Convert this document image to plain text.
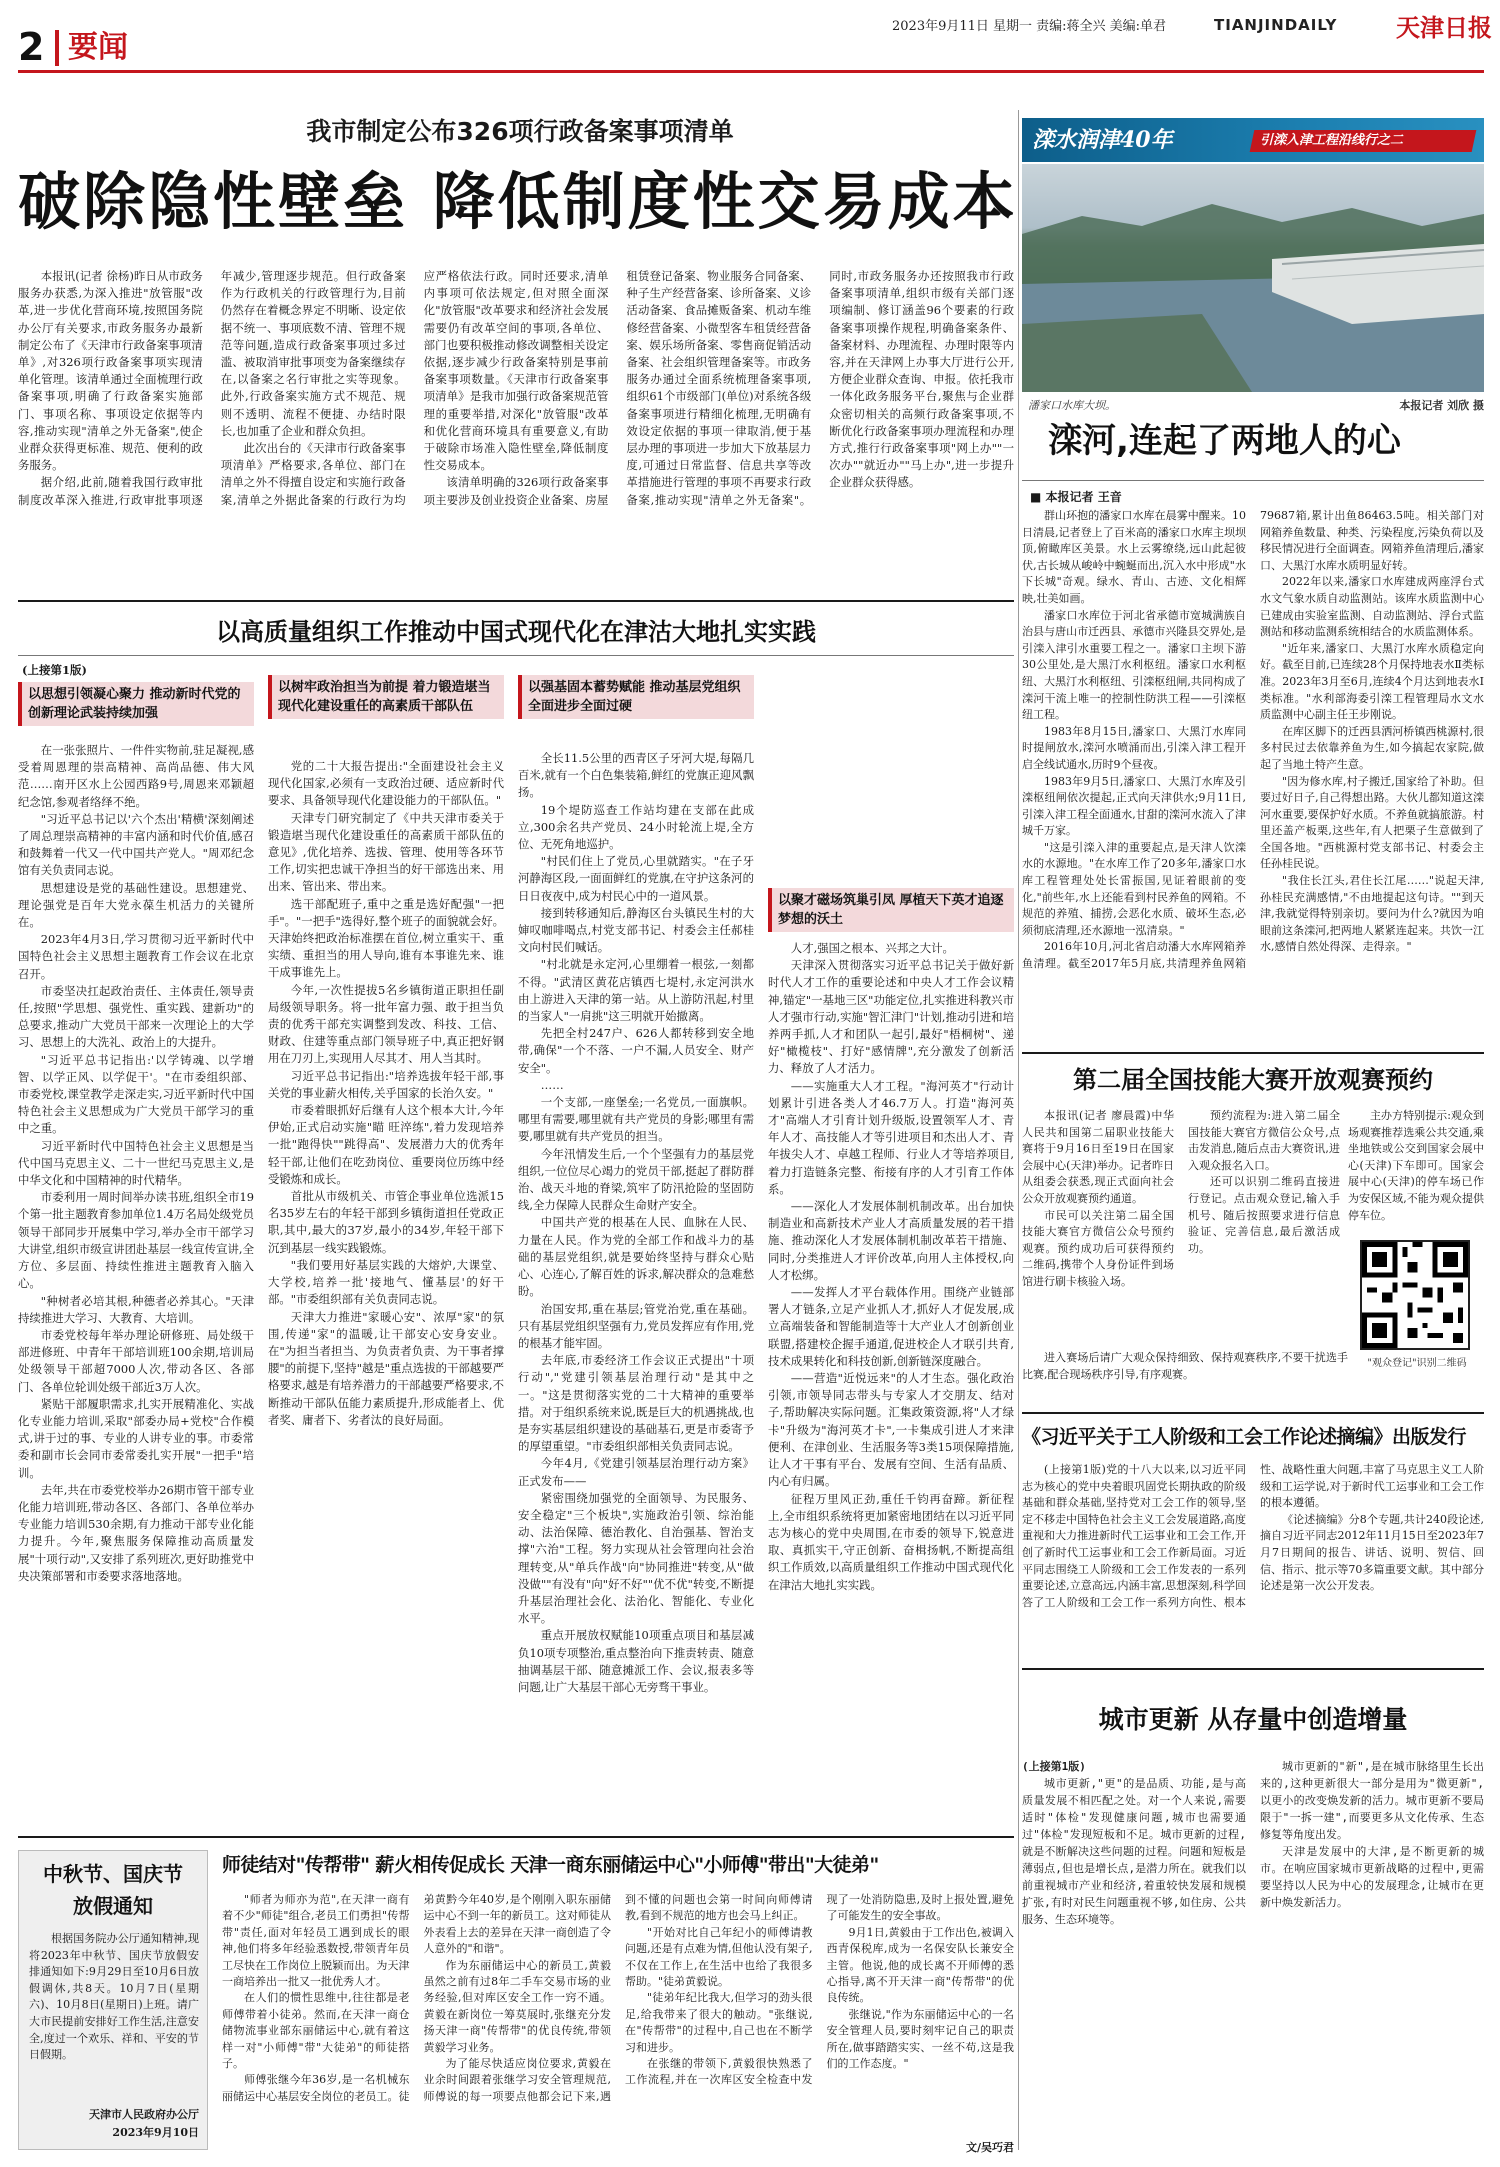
2 要闻
2023年9月11日 星期一 责编:蒋全兴 美编:单君	TIANJINDAILY 天津日报
我市制定公布326项行政备案事项清单
破除隐性壁垒 降低制度性交易成本

本报讯(记者 徐杨)昨日从市政务服务办获悉,为深入推进"放管服"改革,进一步优化营商环境,按照国务院办公厅有关要求,市政务服务办最新制定公布了《天津市行政备案事项清单》,对326项行政备案事项实现清单化管理。该清单通过全面梳理行政备案事项,明确了行政备案实施部门、事项名称、事项设定依据等内容,推动实现"清单之外无备案",使企业群众获得更标准、规范、便利的政务服务。

据介绍,此前,随着我国行政审批制度改革深入推进,行政审批事项逐年减少,管理逐步规范。但行政备案作为行政机关的行政管理行为,目前仍然存在着概念界定不明晰、设定依据不统一、事项底数不清、管理不规范等问题,造成行政备案事项过多过滥、被取消审批事项变为备案继续存在,以备案之名行审批之实等现象。此外,行政备案实施方式不规范、规则不透明、流程不便捷、办结时限长,也加重了企业和群众负担。

此次出台的《天津市行政备案事项清单》严格要求,各单位、部门在清单之外不得擅自设定和实施行政备案,清单之外据此备案的行政行为均应严格依法行政。同时还要求,清单内事项可依法规定,但对照全面深化"放管服"改革要求和经济社会发展需要仍有改革空间的事项,各单位、部门也要积极推动修改调整相关设定依据,逐步减少行政备案特别是事前备案事项数量。《天津市行政备案事项清单》是我市加强行政备案规范管理的重要举措,对深化"放管服"改革和优化营商环境具有重要意义,有助于破除市场准入隐性壁垒,降低制度性交易成本。

该清单明确的326项行政备案事项主要涉及创业投资企业备案、房屋租赁登记备案、物业服务合同备案、种子生产经营备案、诊所备案、义诊活动备案、食品摊贩备案、机动车维修经营备案、小微型客车租赁经营备案、娱乐场所备案、零售商促销活动备案、社会组织管理备案等。市政务服务办通过全面系统梳理备案事项,组织61个市级部门(单位)对系统各级备案事项进行精细化梳理,无明确有效设定依据的事项一律取消,便于基层办理的事项进一步加大下放基层力度,可通过日常监督、信息共享等改革措施进行管理的事项不再要求行政备案,推动实现"清单之外无备案"。同时,市政务服务办还按照我市行政备案事项清单,组织市级有关部门逐项编制、修订涵盖96个要素的行政备案事项操作规程,明确备案条件、备案材料、办理流程、办理时限等内容,并在天津网上办事大厅进行公开,方便企业群众查询、申报。依托我市一体化政务服务平台,聚焦与企业群众密切相关的高频行政备案事项,不断优化行政备案事项办理流程和办理方式,推行行政备案事项"网上办""一次办""就近办""马上办",进一步提升企业群众获得感。

滦水润津40年	引滦入津工程沿线行之二
潘家口水库大坝。	本报记者 刘欣 摄
滦河,连起了两地人的心
■ 本报记者 王音

群山环抱的潘家口水库在晨雾中醒来。10日清晨,记者登上了百米高的潘家口水库主坝坝顶,俯瞰库区美景。水上云雾缭绕,远山此起彼伏,古长城从峻岭中蜿蜒而出,沉入水中形成"水下长城"奇观。绿水、青山、古迹、文化相辉映,壮美如画。

潘家口水库位于河北省承德市宽城满族自治县与唐山市迁西县、承德市兴隆县交界处,是引滦入津引水重要工程之一。潘家口主坝下游30公里处,是大黑汀水利枢纽。潘家口水利枢纽、大黑汀水利枢纽、引滦枢纽闸,共同构成了滦河干流上唯一的控制性防洪工程——引滦枢纽工程。

1983年8月15日,潘家口、大黑汀水库同时提闸放水,滦河水喷涌而出,引滦入津工程开启全线试通水,历时9个昼夜。

1983年9月5日,潘家口、大黑汀水库及引滦枢纽闸依次提起,正式向天津供水;9月11日,引滦入津工程全面通水,甘甜的滦河水流入了津城千万家。

"这是引滦入津的重要起点,是天津人饮滦水的水源地。"在水库工作了20多年,潘家口水库工程管理处处长雷振国,见证着眼前的变化,"前些年,水上还能看到村民养鱼的网箱。不规范的养殖、捕捞,会恶化水质、破坏生态,必须彻底清理,还水源地一泓清泉。"

2016年10月,河北省启动潘大水库网箱养鱼清理。截至2017年5月底,共清理养鱼网箱79687箱,累计出鱼86463.5吨。相关部门对网箱养鱼数量、种类、污染程度,污染负荷以及移民情况进行全面调查。网箱养鱼清理后,潘家口、大黑汀水库水质明显好转。

2022年以来,潘家口水库建成两座浮台式水文气象水质自动监测站。该库水质监测中心已建成由实验室监测、自动监测站、浮台式监测站和移动监测系统相结合的水质监测体系。

"近年来,潘家口、大黑汀水库水质稳定向好。截至目前,已连续28个月保持地表水Ⅱ类标准。2023年3月至6月,连续4个月达到地表水Ⅰ类标准。"水利部海委引滦工程管理局水文水质监测中心副主任王步刚说。

在库区脚下的迁西县洒河桥镇西桃源村,很多村民过去依靠养鱼为生,如今搞起农家院,做起了当地土特产生意。

"因为修水库,村子搬迁,国家给了补助。但要过好日子,自己得想出路。大伙儿都知道这滦河水重要,要保护好水质。不养鱼就搞旅游。村里还盖产板栗,这些年,有人把栗子生意做到了全国各地。"西桃源村党支部书记、村委会主任孙桂民说。

"我住长江头,君住长江尾……"说起天津,孙桂民充满感情,"不由地提起这句诗。""到天津,我就觉得特别亲切。要问为什么?就因为咱眼前这条滦河,把两地人紧紧连起来。共饮一江水,感情自然处得深、走得亲。"

第二届全国技能大赛开放观赛预约

本报讯(记者 廖晨霞)中华人民共和国第二届职业技能大赛将于9月16日至19日在国家会展中心(天津)举办。记者昨日从组委会获悉,现正式面向社会公众开放观赛预约通道。

市民可以关注第二届全国技能大赛官方微信公众号预约观赛。预约成功后可获得预约二维码,携带个人身份证件到场馆进行刷卡核验入场。

预约流程为:进入第二届全国技能大赛官方微信公众号,点击发消息,随后点击大赛资讯,进入观众报名入口。

还可以识别二维码直接进行登记。点击观众登记,输入手机号、随后按照要求进行信息验证、完善信息,最后激活成功。

主办方特别提示:观众到场观赛推荐选乘公共交通,乘坐地铁或公交到国家会展中心(天津)下车即可。国家会展中心(天津)的停车场已作为安保区域,不能为观众提供停车位。

进入赛场后请广大观众保持细致、保持观赛秩序,不要干扰选手比赛,配合现场秩序引导,有序观赛。

"观众登记"识别二维码
《习近平关于工人阶级和工会工作论述摘编》出版发行

(上接第1版)党的十八大以来,以习近平同志为核心的党中央着眼巩固党长期执政的阶级基础和群众基础,坚持党对工会工作的领导,坚定不移走中国特色社会主义工会发展道路,高度重视和大力推进新时代工运事业和工会工作,开创了新时代工运事业和工会工作新局面。习近平同志围绕工人阶级和工会工作发表的一系列重要论述,立意高远,内涵丰富,思想深刻,科学回答了工人阶级和工会工作一系列方向性、根本性、战略性重大问题,丰富了马克思主义工人阶级和工运学说,对于新时代工运事业和工会工作的根本遵循。

《论述摘编》分8个专题,共计240段论述,摘自习近平同志2012年11月15日至2023年7月7日期间的报告、讲话、说明、贺信、回信、指示、批示等70多篇重要文献。其中部分论述是第一次公开发表。

城市更新 从存量中创造增量

(上接第1版)

城市更新,"更"的是品质、功能,是与高质量发展不相匹配之处。对一个人来说,需要适时"体检"发现健康问题,城市也需要通过"体检"发现短板和不足。城市更新的过程,就是不断解决这些问题的过程。问题和短板是薄弱点,但也是增长点,是潜力所在。就我们以前重视城市产业和经济,着重较快发展和规模扩张,有时对民生问题重视不够,如住房、公共服务、生态环境等。

城市更新的"新",是在城市脉络里生长出来的,这种更新很大一部分是用为"微更新",以更小的改变焕发新的活力。城市更新不要局限于"一拆一建",而要更多从文化传承、生态修复等角度出发。

天津是发展中的大津,是不断更新的城市。在响应国家城市更新战略的过程中,更需要坚持以人民为中心的发展理念,让城市在更新中焕发新活力。

以高质量组织工作推动中国式现代化在津沽大地扎实实践
(上接第1版)
以思想引领凝心聚力 推动新时代党的创新理论武装持续加强

在一张张照片、一件件实物前,驻足凝视,感受着周恩理的崇高精神、高尚品德、伟大风范……南开区水上公园西路9号,周恩来邓颖超纪念馆,参观者络绎不绝。

"习近平总书记以'六个杰出'精横'深刻阐述了周总理崇高精神的丰富内涵和时代价值,感召和鼓舞着一代又一代中国共产党人。"周邓纪念馆有关负责同志说。

思想建设是党的基础性建设。思想建党、理论强党是百年大党永葆生机活力的关键所在。

2023年4月3日,学习贯彻习近平新时代中国特色社会主义思想主题教育工作会议在北京召开。

市委坚决扛起政治责任、主体责任,领导责任,按照"学思想、强党性、重实践、建新功"的总要求,推动广大党员干部来一次理论上的大学习、思想上的大洗礼、政治上的大提升。

"习近平总书记指出:'以学铸魂、以学增智、以学正风、以学促干'。"在市委组织部、市委党校,课堂教学走深走实,习近平新时代中国特色社会主义思想成为广大党员干部学习的重中之重。

习近平新时代中国特色社会主义思想是当代中国马克思主义、二十一世纪马克思主义,是中华文化和中国精神的时代精华。

市委利用一周时间举办读书班,组织全市19个第一批主题教育参加单位1.4万名局处级党员领导干部同步开展集中学习,举办全市干部学习大讲堂,组织市级宣讲团赴基层一线宣传宣讲,全方位、多层面、持续性推进主题教育入脑入心。

"种树者必培其根,种德者必养其心。"天津持续推进大学习、大教育、大培训。

市委党校每年举办理论研修班、局处级干部进修班、中青年干部培训班100余期,培训局处级领导干部超7000人次,带动各区、各部门、各单位轮训处级干部近3万人次。

紧贴干部履职需求,扎实开展精准化、实战化专业能力培训,采取"部委办局+党校"合作模式,讲于过的事、专业的人讲专业的事。市委常委和副市长会同市委常委扎实开展"一把手"培训。

去年,共在市委党校举办26期市管干部专业化能力培训班,带动各区、各部门、各单位举办专业能力培训530余期,有力推动干部专业化能力提升。今年,聚焦服务保障推动高质量发展"十项行动",又安排了系列班次,更好助推党中央决策部署和市委要求落地落地。

以树牢政治担当为前提 着力锻造堪当现代化建设重任的高素质干部队伍

党的二十大报告提出:"全面建设社会主义现代化国家,必须有一支政治过硬、适应新时代要求、具备领导现代化建设能力的干部队伍。"

天津专门研究制定了《中共天津市委关于锻造堪当现代化建设重任的高素质干部队伍的意见》,优化培养、选拔、管理、使用等各环节工作,切实把忠诚干净担当的好干部选出来、用出来、管出来、带出来。

选干部配班子,重中之重是选好配强"一把手"。"一把手"选得好,整个班子的面貌就会好。天津始终把政治标准摆在首位,树立重实干、重实绩、重担当的用人导向,谁有本事谁先来、谁干成事谁先上。

今年,一次性提拔5名乡镇街道正职担任副局级领导职务。将一批年富力强、敢于担当负责的优秀干部充实调整到发改、科技、工信、财政、住建等重点部门领导班子中,真正把好钢用在刀刃上,实现用人尽其才、用人当其时。

习近平总书记指出:"培养选拔年轻干部,事关党的事业薪火相传,关乎国家的长治久安。"

市委着眼抓好后继有人这个根本大计,今年伊始,正式启动实施"瞄 旺淬练",着力发现培养一批"跑得快""跳得高"、发展潜力大的优秀年轻干部,让他们在吃劲岗位、重要岗位历练中经受锻炼和成长。

首批从市级机关、市管企事业单位选派15名35岁左右的年轻干部到乡镇街道担任党政正职,其中,最大的37岁,最小的34岁,年轻干部下沉到基层一线实践锻炼。

"我们要用好基层实践的大熔炉,大课堂、大学校,培养一批'接地气、懂基层'的好干部。"市委组织部有关负责同志说。

天津大力推进"家暖心安"、浓厚"家"的氛围,传递"家"的温暖,让干部安心安身安业。在"为担当者担当、为负责者负责、为干事者撑腰"的前提下,坚持"越是"重点选拔的干部越要严格要求,越是有培养潜力的干部越要严格要求,不断推动干部队伍能力素质提升,形成能者上、优者奖、庸者下、劣者汰的良好局面。

以强基固本蓄势赋能 推动基层党组织全面进步全面过硬

全长11.5公里的西青区子牙河大堤,每隔几百米,就有一个白色集装箱,鲜红的党旗正迎风飘扬。

19个堤防巡查工作站均建在支部在此成立,300余名共产党员、24小时轮流上堤,全方位、无死角地巡护。

"村民们住上了党员,心里就踏实。"在子牙河静海区段,一面面鲜红的党旗,在守护这条河的日日夜夜中,成为村民心中的一道风景。

接到转移通知后,静海区台头镇民生村的大婶叹咖啡喝点,村党支部书记、村委会主任郝桂文向村民们喊话。

"村北就是永定河,心里绷着一根弦,一刻都不得。"武清区黄花店镇西七堤村,永定河洪水由上游进入天津的第一站。从上游防汛起,村里的当家人"一肩挑"这三明就开始撤离。

先把全村247户、626人都转移到安全地带,确保"一个不落、一户不漏,人员安全、财产安全"。

……

一个支部,一座堡垒;一名党员,一面旗帜。哪里有需要,哪里就有共产党员的身影;哪里有需要,哪里就有共产党员的担当。

今年汛情发生后,一个个坚强有力的基层党组织,一位位尽心竭力的党员干部,挺起了群防群治、战天斗地的脊梁,筑牢了防汛抢险的坚固防线,全力保障人民群众生命财产安全。

中国共产党的根基在人民、血脉在人民、力量在人民。作为党的全部工作和战斗力的基础的基层党组织,就是要始终坚持与群众心贴心、心连心,了解百姓的诉求,解决群众的急难愁盼。

治国安邦,重在基层;管党治党,重在基础。只有基层党组织坚强有力,党员发挥应有作用,党的根基才能牢固。

去年底,市委经济工作会议正式提出"十项行动","党建引领基层治理行动"是其中之一。"这是贯彻落实党的二十大精神的重要举措。对于组织系统来说,既是巨大的机遇挑战,也是夯实基层组织建设的基础基石,更是市委寄予的厚望重望。"市委组织部相关负责同志说。

今年4月,《党建引领基层治理行动方案》正式发布——

紧密围绕加强党的全面领导、为民服务、安全稳定"三个板块",实施政治引领、综治能动、法治保障、德治教化、自治强基、智治支撑"六治"工程。努力实现从社会管理向社会治理转变,从"单兵作战"向"协同推进"转变,从"做没做""有没有"向"好不好""优不优"转变,不断提升基层治理社会化、法治化、智能化、专业化水平。

重点开展放权赋能10项重点项目和基层减负10项专项整治,重点整治向下推责转责、随意抽调基层干部、随意摊派工作、会议,报表多等问题,让广大基层干部心无旁骛干事业。

以聚才磁场筑巢引凤 厚植天下英才追逐梦想的沃土

人才,强国之根本、兴邦之大计。

天津深入贯彻落实习近平总书记关于做好新时代人才工作的重要论述和中央人才工作会议精神,锚定"一基地三区"功能定位,扎实推进科教兴市人才强市行动,实施"智汇津门"计划,推动引进和培养两手抓,人才和团队一起引,最好"梧桐树"、递好"橄榄枝"、打好"感情牌",充分激发了创新活力、释放了人才活力。

——实施重大人才工程。"海河英才"行动计划累计引进各类人才46.7万人。打造"海河英才"高端人才引育计划升级版,设置领军人才、青年人才、高技能人才等引进项目和杰出人才、青年拔尖人才、卓越工程师、行业人才等培养项目,着力打造链条完整、衔接有序的人才引育工作体系。

——深化人才发展体制机制改革。出台加快制造业和高新技术产业人才高质量发展的若干措施、推动深化人才发展体制机制改革若干措施、同时,分类推进人才评价改革,向用人主体授权,向人才松绑。

——发挥人才平台载体作用。围绕产业链部署人才链条,立足产业抓人才,抓好人才促发展,成立高端装备和智能制造等十大产业人才创新创业联盟,搭建校企握手通道,促进校企人才联引共育,技术成果转化和科技创新,创新链深度融合。

——营造"近悦远来"的人才生态。强化政治引领,市领导同志带头与专家人才交朋友、结对子,帮助解决实际问题。汇集政策资源,将"人才绿卡"升级为"海河英才卡",一卡集成引进人才来津便利、在津创业、生活服务等3类15项保障措施,让人才干事有平台、发展有空间、生活有品质、内心有归属。

征程万里风正劲,重任千钧再奋蹄。新征程上,全市组织系统将更加紧密地团结在以习近平同志为核心的党中央周围,在市委的领导下,锐意进取、真抓实干,守正创新、奋楫扬帆,不断提高组织工作质效,以高质量组织工作推动中国式现代化在津沽大地扎实实践。

中秋节、国庆节
放假通知
根据国务院办公厅通知精神,现将2023年中秋节、国庆节放假安排通知如下:9月29日至10月6日放假调休,共8天。10月7日(星期六)、10月8日(星期日)上班。请广大市民提前安排好工作生活,注意安全,度过一个欢乐、祥和、平安的节日假期。
天津市人民政府办公厅
2023年9月10日
师徒结对"传帮带" 薪火相传促成长 天津一商东丽储运中心"小师傅"带出"大徒弟"

"师者为师亦为范",在天津一商有着不少"师徒"组合,老员工们勇担"传帮带"责任,面对年轻员工遇到成长的眼神,他们将多年经验悉数授,带领青年员工尽快在工作岗位上脱颖而出。为天津一商培养出一批又一批优秀人才。

在人们的惯性思维中,往往都是老师傅带着小徒弟。然而,在天津一商仓储物流事业部东丽储运中心,就有着这样一对"小师傅"带"大徒弟"的师徒搭子。

师傅张继今年36岁,是一名机械东丽储运中心基层安全岗位的老员工。徒弟黄黔今年40岁,是个刚刚入职东丽储运中心不到一年的新员工。这对师徒从外表看上去的差异在天津一商创造了令人意外的"和谐"。

作为东丽储运中心的新员工,黄毅虽然之前有过8年二手车交易市场的业务经验,但对库区安全工作一窍不通。黄毅在新岗位一筹莫展时,张继充分发扬天津一商"传帮带"的优良传统,带领黄毅学习业务。

为了能尽快适应岗位要求,黄毅在业余时间跟着张继学习安全管理规范,师傅说的每一项要点他都会记下来,遇到不懂的问题也会第一时间向师傅请教,看到不规范的地方也会马上纠正。

"开始对比自己年纪小的师傅请教问题,还是有点难为情,但他认没有架子,不仅在工作上,在生活中也给了我很多帮助。"徒弟黄毅说。

"徒弟年纪比我大,但学习的劲头很足,给我带来了很大的触动。"张继说,在"传帮带"的过程中,自己也在不断学习和进步。

在张继的带领下,黄毅很快熟悉了工作流程,并在一次库区安全检查中发现了一处消防隐患,及时上报处置,避免了可能发生的安全事故。

9月1日,黄毅由于工作出色,被调入西青保税库,成为一名保安队长兼安全主管。他说,他的成长离不开师傅的悉心指导,离不开天津一商"传帮带"的优良传统。

张继说,"作为东丽储运中心的一名安全管理人员,要时刻牢记自己的职责所在,做事踏踏实实、一丝不苟,这是我们的工作态度。"

文/吴巧君
